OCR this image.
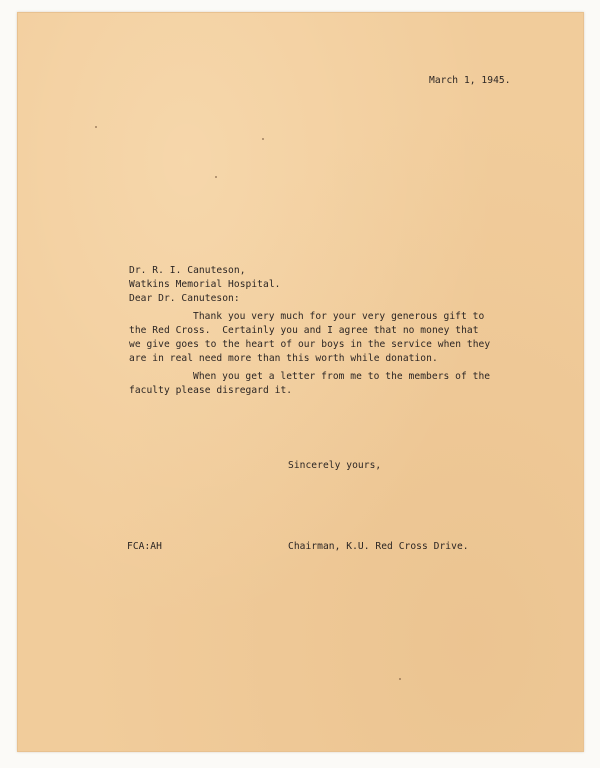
March 1, 1945.
Dr. R. I. Canuteson,
Watkins Memorial Hospital.
Dear Dr. Canuteson:
Thank you very much for your very generous gift to
the Red Cross.  Certainly you and I agree that no money that
we give goes to the heart of our boys in the service when they
are in real need more than this worth while donation.
When you get a letter from me to the members of the
faculty please disregard it.
Sincerely yours,
FCA:AH	Chairman, K.U. Red Cross Drive.
